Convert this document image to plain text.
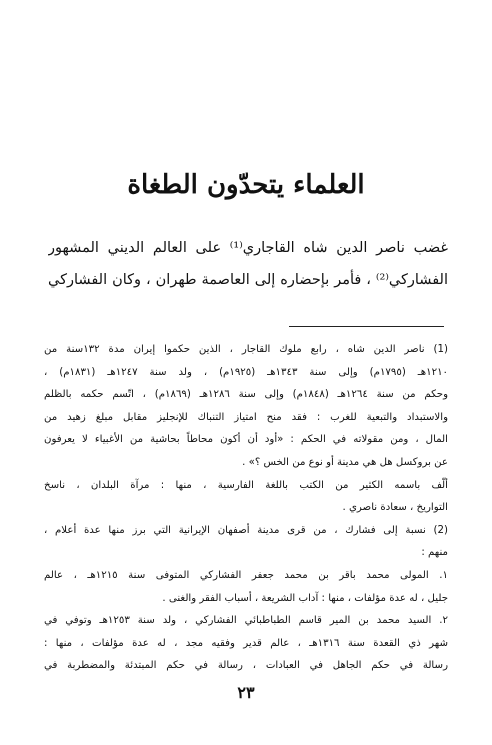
العلماء يتحدّون الطغاة
غضب ناصر الدين شاه القاجاري⁽¹⁾ على العالم الديني المشهور
الفشاركي⁽²⁾ ، فأمر بإحضاره إلى العاصمة طهران ، وكان الفشاركي
(1) ناصر الدين شاه ، رابع ملوك القاجار ، الذين حكموا إيران مدة ١٣٢سنة من
١٢١٠هـ (١٧٩٥م) وإلى سنة ١٣٤٣هـ (١٩٢٥م) ، ولد سنة ١٢٤٧هـ (١٨٣١م) ،
وحكم من سنة ١٢٦٤هـ (١٨٤٨م) وإلى سنة ١٢٨٦هـ (١٨٦٩م) ، اتّسم حكمه بالظلم
والاستبداد والتبعية للغرب : فقد منح امتياز التنباك للإنجليز مقابل مبلغ زهيد من
المال ، ومن مقولاته في الحكم : «أود أن أكون محاطاً بحاشية من الأغبياء لا يعرفون
عن بروكسل هل هي مدينة أو نوع من الخس ؟» .
ألّف باسمه الكثير من الكتب باللغة الفارسية ، منها : مرآة البلدان ، ناسخ
التواريخ ، سعادة ناصري .
(2) نسبة إلى فشارك ، من قرى مدينة أصفهان الإيرانية التي برز منها عدة أعلام ،
منهم :
١. المولى محمد باقر بن محمد جعفر الفشاركي المتوفى سنة ١٢١٥هـ ، عالم
جليل ، له عدة مؤلفات ، منها : آداب الشريعة ، أسباب الفقر والغنى .
٢. السيد محمد بن المير قاسم الطباطبائي الفشاركي ، ولد سنة ١٢٥٣هـ وتوفي في
شهر ذي القعدة سنة ١٣١٦هـ ، عالم قدير وفقيه مجد ، له عدة مؤلفات ، منها :
رسالة في حكم الجاهل في العبادات ، رسالة في حكم المبتدئة والمضطربة في
٢٣
